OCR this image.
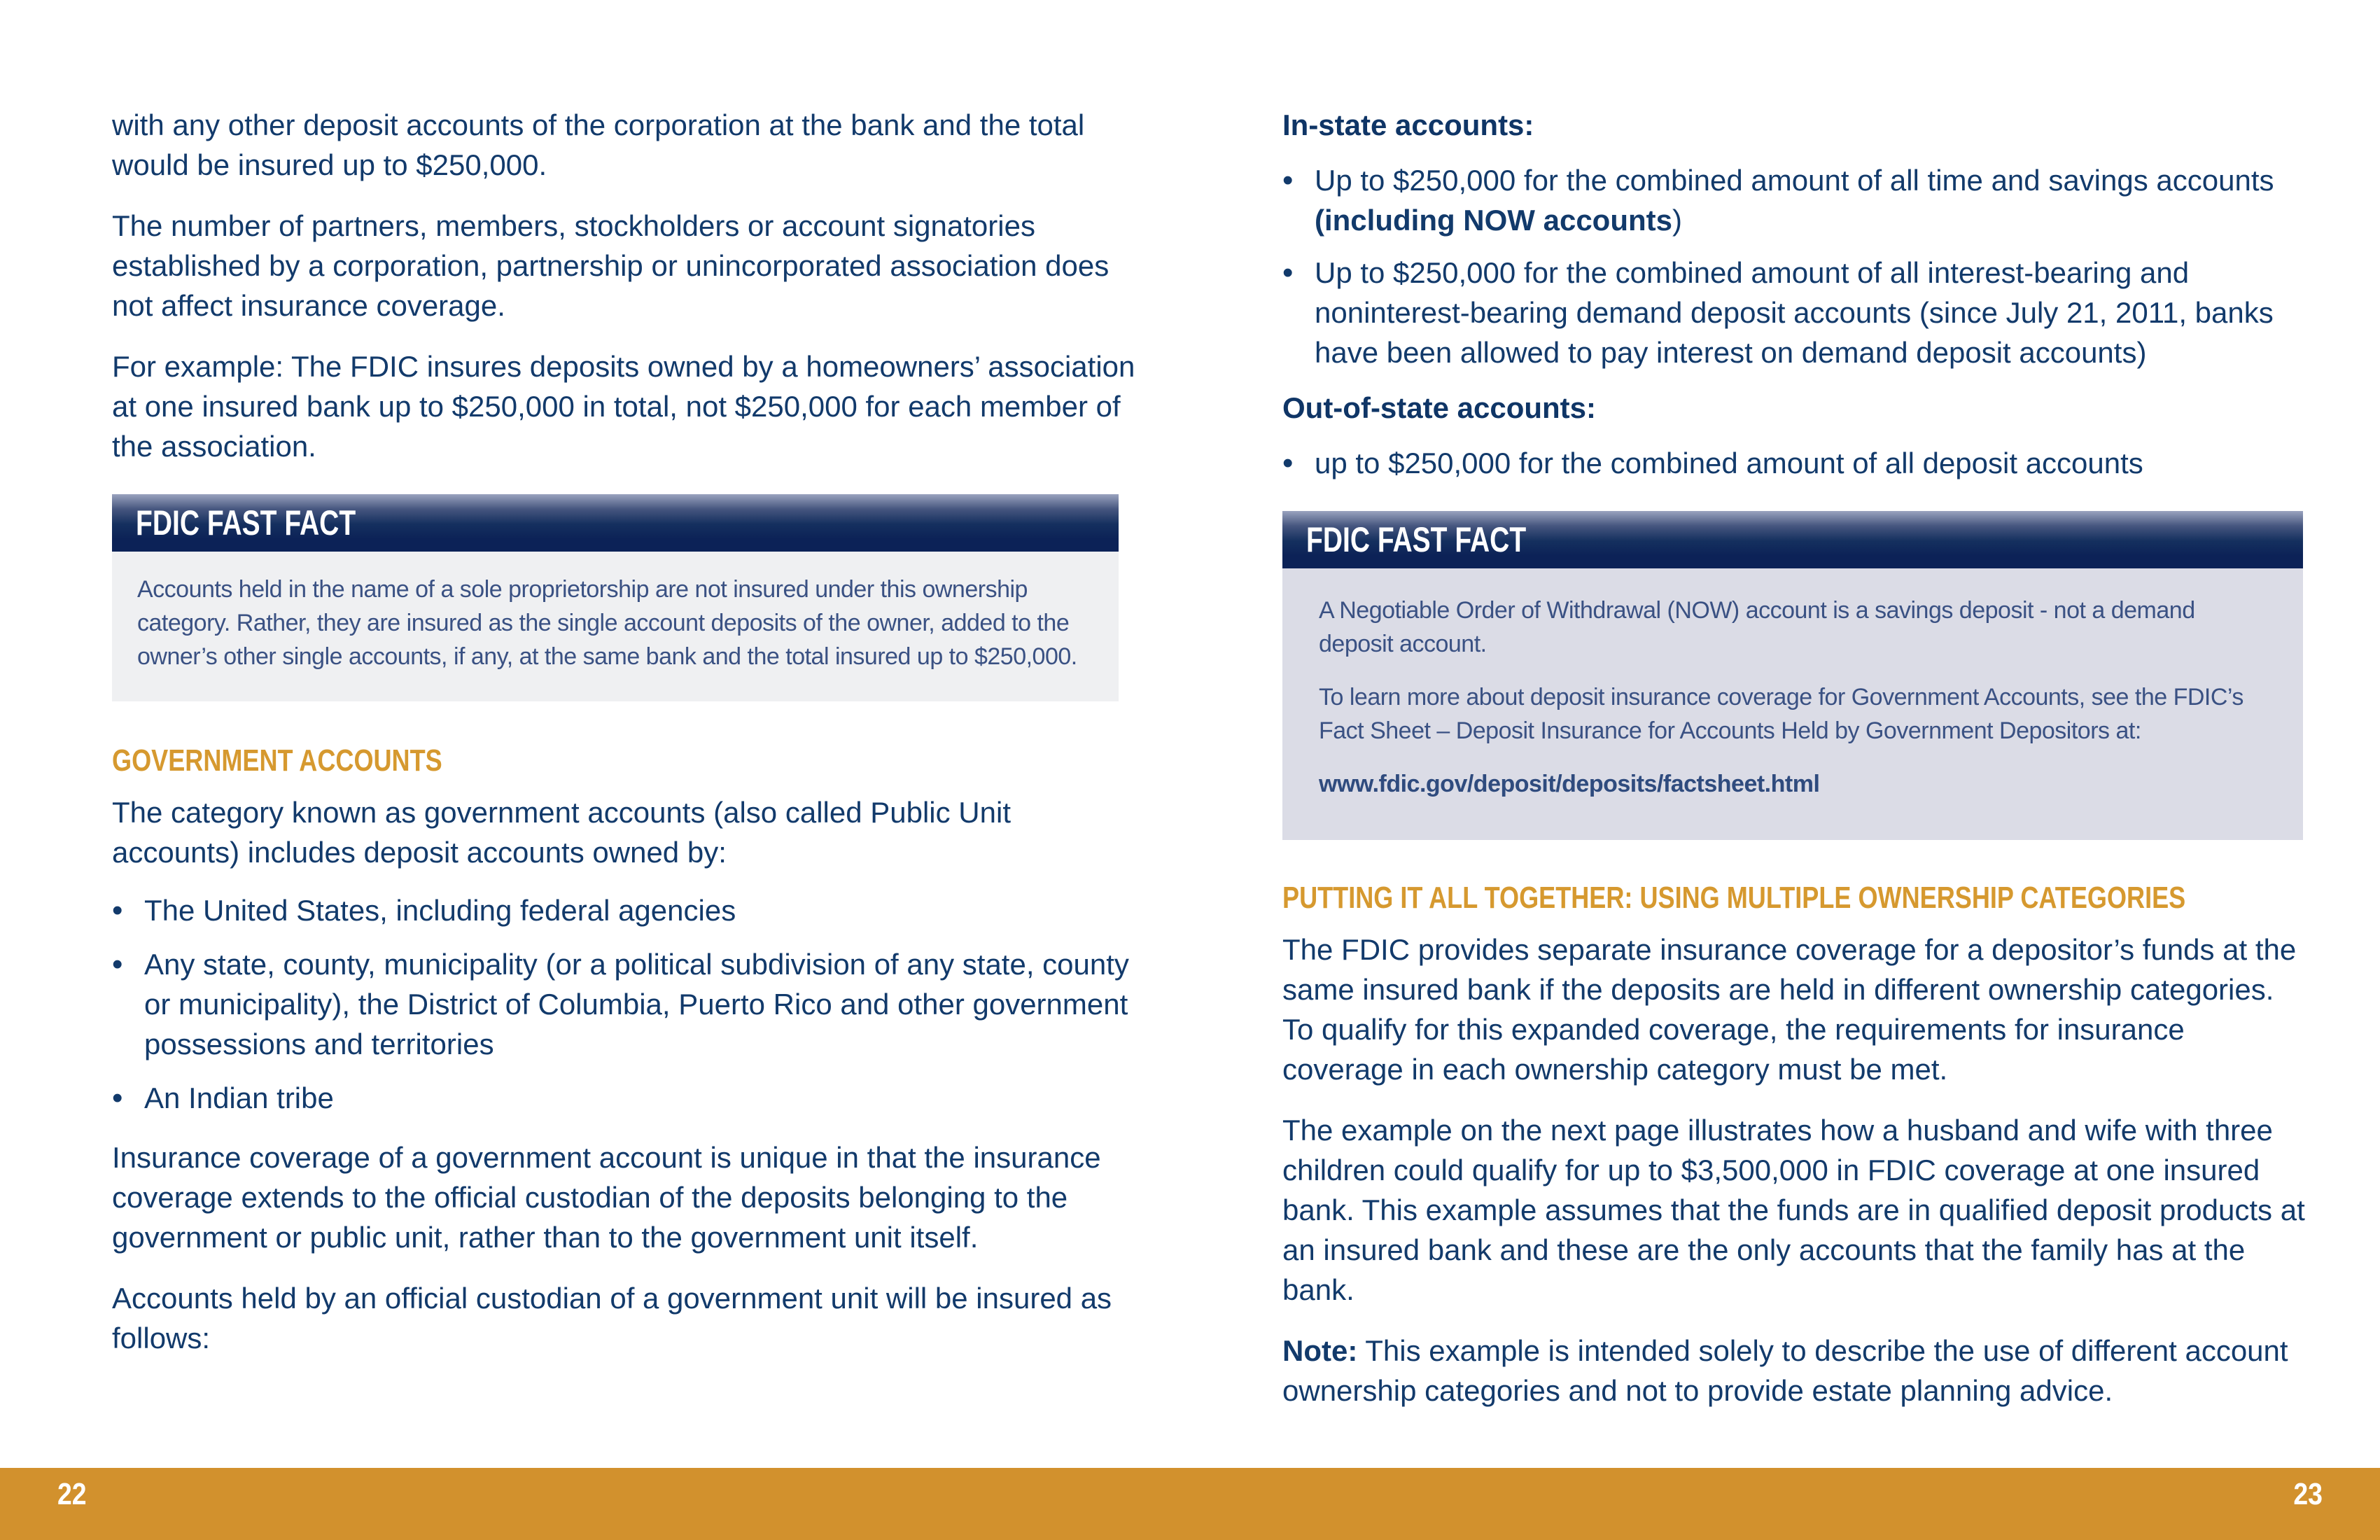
with any other deposit accounts of the corporation at the bank and the total would be insured up to $250,000.

The number of partners, members, stockholders or account signatories established by a corporation, partnership or unincorporated association does not affect insurance coverage.

For example: The FDIC insures deposits owned by a homeowners’ association at one insured bank up to $250,000 in total, not $250,000 for each member of the association.

FDIC FAST FACT

Accounts held in the name of a sole proprietorship are not insured under this ownership category. Rather, they are insured as the single account deposits of the owner, added to the owner’s other single accounts, if any, at the same bank and the total insured up to $250,000.

GOVERNMENT ACCOUNTS

The category known as government accounts (also called Public Unit accounts) includes deposit accounts owned by:

• The United States, including federal agencies
• Any state, county, municipality (or a political subdivision of any state, county or municipality), the District of Columbia, Puerto Rico and other government possessions and territories
• An Indian tribe

Insurance coverage of a government account is unique in that the insurance coverage extends to the official custodian of the deposits belonging to the government or public unit, rather than to the government unit itself.

Accounts held by an official custodian of a government unit will be insured as follows:

In-state accounts:

• Up to $250,000 for the combined amount of all time and savings accounts (including NOW accounts)
• Up to $250,000 for the combined amount of all interest-bearing and noninterest-bearing demand deposit accounts (since July 21, 2011, banks have been allowed to pay interest on demand deposit accounts)

Out-of-state accounts:

• up to $250,000 for the combined amount of all deposit accounts
FDIC FAST FACT

A Negotiable Order of Withdrawal (NOW) account is a savings deposit - not a demand deposit account.

To learn more about deposit insurance coverage for Government Accounts, see the FDIC’s Fact Sheet – Deposit Insurance for Accounts Held by Government Depositors at:

www.fdic.gov/deposit/deposits/factsheet.html

PUTTING IT ALL TOGETHER: USING MULTIPLE OWNERSHIP CATEGORIES

The FDIC provides separate insurance coverage for a depositor’s funds at the same insured bank if the deposits are held in different ownership categories. To qualify for this expanded coverage, the requirements for insurance coverage in each ownership category must be met.

The example on the next page illustrates how a husband and wife with three children could qualify for up to $3,500,000 in FDIC coverage at one insured bank. This example assumes that the funds are in qualified deposit products at an insured bank and these are the only accounts that the family has at the bank.

Note: This example is intended solely to describe the use of different account ownership categories and not to provide estate planning advice.

22	23
